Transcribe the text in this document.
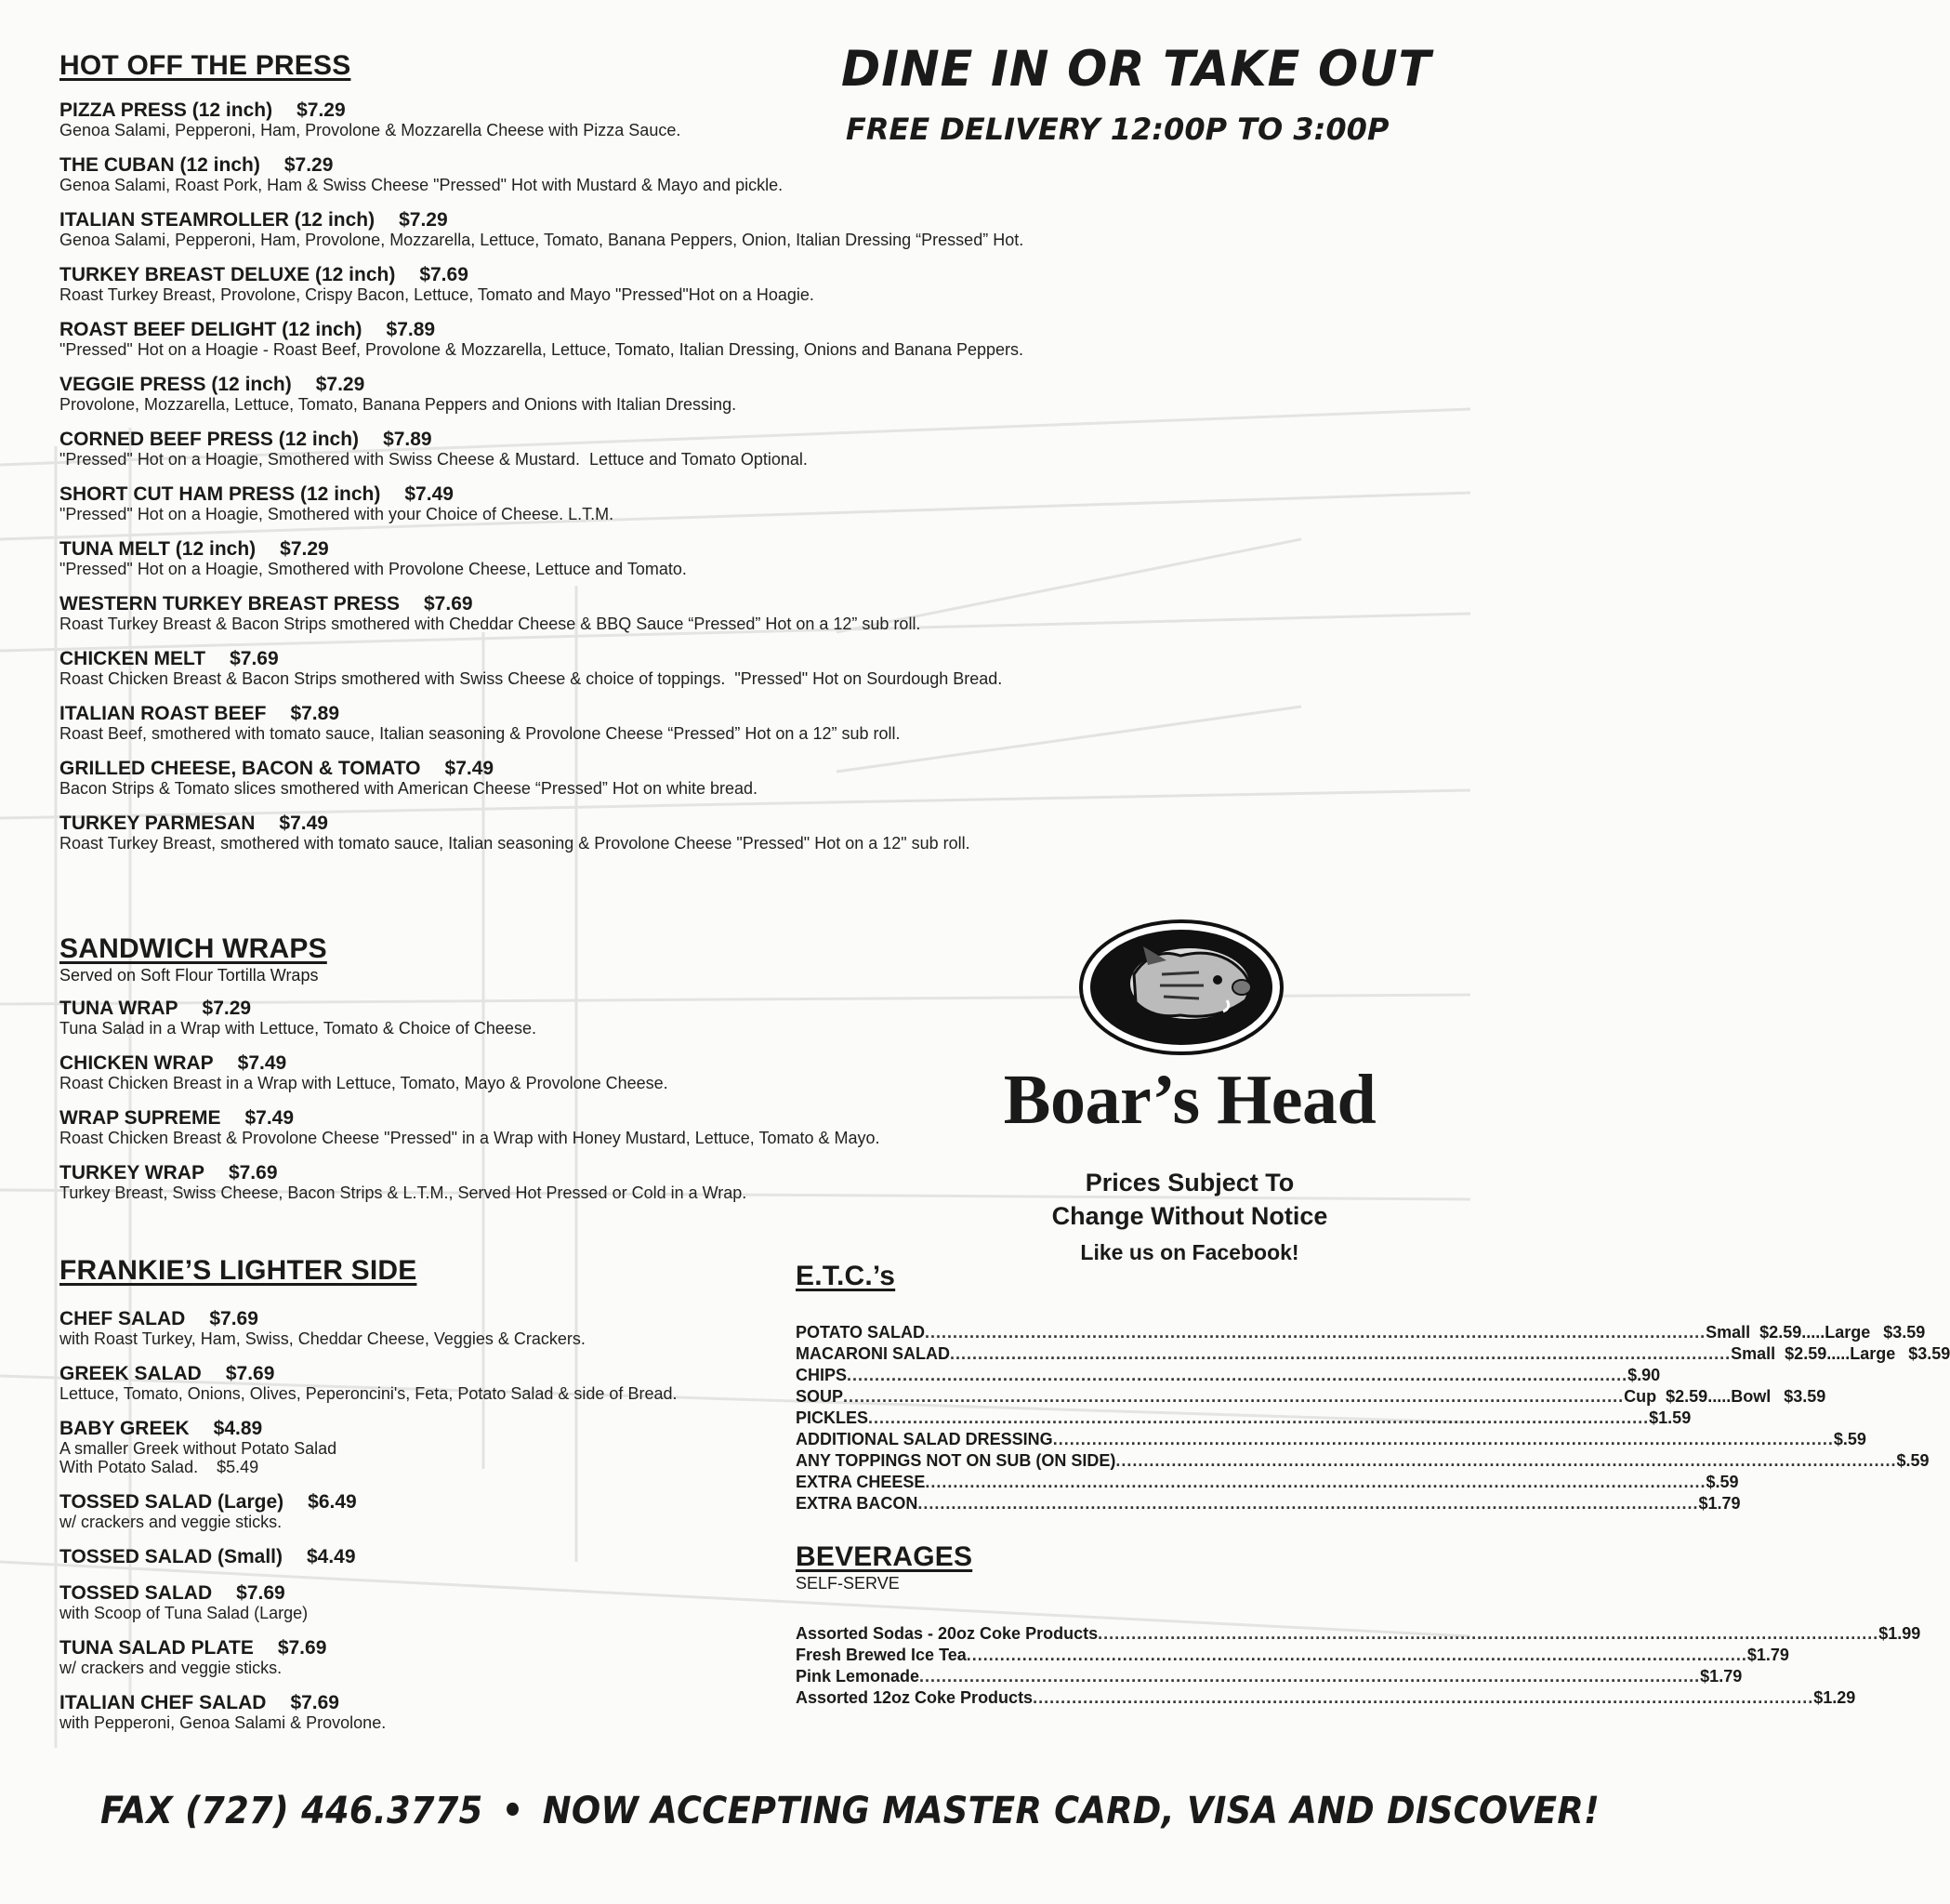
DINE IN OR TAKE OUT
FREE DELIVERY 12:00P TO 3:00P
HOT OFF THE PRESS
PIZZA PRESS (12 inch) $7.29
Genoa Salami, Pepperoni, Ham, Provolone & Mozzarella Cheese with Pizza Sauce.
THE CUBAN (12 inch) $7.29
Genoa Salami, Roast Pork, Ham & Swiss Cheese "Pressed" Hot with Mustard & Mayo and pickle.
ITALIAN STEAMROLLER (12 inch) $7.29
Genoa Salami, Pepperoni, Ham, Provolone, Mozzarella, Lettuce, Tomato, Banana Peppers, Onion, Italian Dressing “Pressed” Hot.
TURKEY BREAST DELUXE (12 inch) $7.69
Roast Turkey Breast, Provolone, Crispy Bacon, Lettuce, Tomato and Mayo "Pressed"Hot on a Hoagie.
ROAST BEEF DELIGHT (12 inch) $7.89
"Pressed" Hot on a Hoagie - Roast Beef, Provolone & Mozzarella, Lettuce, Tomato, Italian Dressing, Onions and Banana Peppers.
VEGGIE PRESS (12 inch) $7.29
Provolone, Mozzarella, Lettuce, Tomato, Banana Peppers and Onions with Italian Dressing.
CORNED BEEF PRESS (12 inch) $7.89
"Pressed" Hot on a Hoagie, Smothered with Swiss Cheese & Mustard.  Lettuce and Tomato Optional.
SHORT CUT HAM PRESS (12 inch) $7.49
"Pressed" Hot on a Hoagie, Smothered with your Choice of Cheese. L.T.M.
TUNA MELT (12 inch) $7.29
"Pressed" Hot on a Hoagie, Smothered with Provolone Cheese, Lettuce and Tomato.
WESTERN TURKEY BREAST PRESS $7.69
Roast Turkey Breast & Bacon Strips smothered with Cheddar Cheese & BBQ Sauce “Pressed” Hot on a 12” sub roll.
CHICKEN MELT $7.69
Roast Chicken Breast & Bacon Strips smothered with Swiss Cheese & choice of toppings.  "Pressed" Hot on Sourdough Bread.
ITALIAN ROAST BEEF $7.89
Roast Beef, smothered with tomato sauce, Italian seasoning & Provolone Cheese “Pressed” Hot on a 12” sub roll.
GRILLED CHEESE, BACON & TOMATO $7.49
Bacon Strips & Tomato slices smothered with American Cheese “Pressed” Hot on white bread.
TURKEY PARMESAN $7.49
Roast Turkey Breast, smothered with tomato sauce, Italian seasoning & Provolone Cheese "Pressed" Hot on a 12" sub roll.
SANDWICH WRAPS
Served on Soft Flour Tortilla Wraps
TUNA WRAP $7.29
Tuna Salad in a Wrap with Lettuce, Tomato & Choice of Cheese.
CHICKEN WRAP $7.49
Roast Chicken Breast in a Wrap with Lettuce, Tomato, Mayo & Provolone Cheese.
WRAP SUPREME $7.49
Roast Chicken Breast & Provolone Cheese "Pressed" in a Wrap with Honey Mustard, Lettuce, Tomato & Mayo.
TURKEY WRAP $7.69
Turkey Breast, Swiss Cheese, Bacon Strips & L.T.M., Served Hot Pressed or Cold in a Wrap.
Boar’s Head
Prices Subject To
Change Without Notice
Like us on Facebook!
FRANKIE’S LIGHTER SIDE
CHEF SALAD $7.69
with Roast Turkey, Ham, Swiss, Cheddar Cheese, Veggies & Crackers.
GREEK SALAD $7.69
Lettuce, Tomato, Onions, Olives, Peperoncini's, Feta, Potato Salad & side of Bread.
BABY GREEK $4.89
A smaller Greek without Potato Salad
With Potato Salad.    $5.49
TOSSED SALAD (Large) $6.49
w/ crackers and veggie sticks.
TOSSED SALAD (Small) $4.49
TOSSED SALAD $7.69
with Scoop of Tuna Salad (Large)
TUNA SALAD PLATE $7.69
w/ crackers and veggie sticks.
ITALIAN CHEF SALAD $7.69
with Pepperoni, Genoa Salami & Provolone.
E.T.C.’s
POTATO SALAD .....	Small  $2.59.....Large $3.59
MACARONI SALAD .....	Small  $2.59.....Large $3.59
CHIPS .....	$.90
SOUP .....	Cup  $2.59.....Bowl $3.59
PICKLES .....	$1.59
ADDITIONAL SALAD DRESSING .....	$.59
ANY TOPPINGS NOT ON SUB (ON SIDE) .....	$.59
EXTRA CHEESE .....	$.59
EXTRA BACON .....	$1.79
BEVERAGES
SELF-SERVE
Assorted Sodas - 20oz Coke Products .....	$1.99
Fresh Brewed Ice Tea .....	$1.79
Pink Lemonade .....	$1.79
Assorted 12oz Coke Products .....	$1.29
FAX (727) 446.3775 • NOW ACCEPTING MASTER CARD, VISA AND DISCOVER!
